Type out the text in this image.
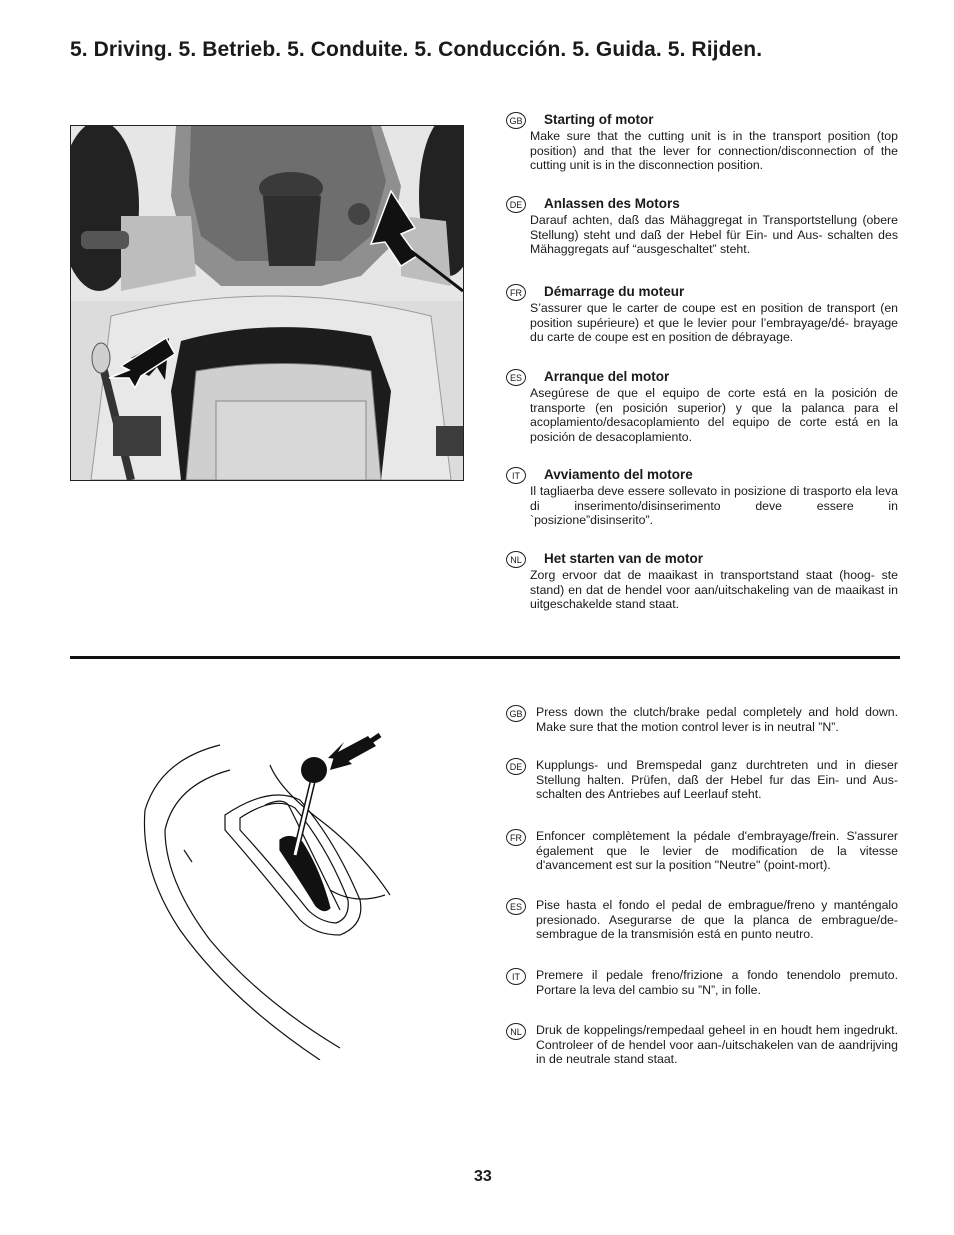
5. Driving. 5. Betrieb. 5. Conduite. 5. Conducción. 5. Guida. 5. Rijden.
GB Starting of motor

Make sure that the cutting unit is in the transport position (top position) and that the lever for connection/disconnection of the cutting unit is in the disconnection position.

DE Anlassen des Motors

Darauf achten, daß das Mähaggregat in Transportstellung (obere Stellung) steht und daß der Hebel für Ein- und Aus- schalten des Mähaggregats auf “ausgeschaltet” steht.

FR Démarrage du moteur

S’assurer que le carter de coupe est en position de transport (en position supérieure) et que le levier pour l’embrayage/dé- brayage du carte de coupe est en position de débrayage.

ES Arranque del motor

Asegúrese de que el equipo de corte está en la posición de transporte (en posición superior) y que la palanca para el acoplamiento/desacoplamiento del equipo de corte está en la posición de desacoplamiento.

IT	Avviamento del motore

Il tagliaerba deve essere sollevato in posizione di trasporto ela leva di inserimento/disinserimento deve essere in `posizione”disinserito”.

NL	Het starten van de motor

Zorg ervoor dat de maaikast in transportstand staat (hoog- ste stand) en dat de hendel voor aan/uitschakeling van de maaikast in uitgeschakelde stand staat.

GB Press down the clutch/brake pedal completely and hold down. Make sure that the motion control lever is in neutral ”N”.

DE	Kupplungs- und Bremspedal ganz durchtreten und in dieser Stellung halten. Prüfen, daß der Hebel fur das Ein- und Aus- schalten des Antriebes auf Leerlauf steht.

FR	Enfoncer complètement la pédale d'embrayage/frein. S'assurer également que le levier de modification de la vitesse d'avancement est sur la position "Neutre" (point-mort).

ES	Pise hasta el fondo el pedal de embrague/freno y manténgalo presionado. Asegurarse de que la planca de embrague/de- sembrague de la transmisión está en punto neutro.

IT	Premere il pedale freno/frizione a fondo tenendolo premuto. Portare la leva del cambio su ”N”, in folle.

NL	Druk de koppelings/rempedaal geheel in en houdt hem ingedrukt. Controleer of de hendel voor aan-/uitschakelen van de aandrijving in de neutrale stand staat.

33
